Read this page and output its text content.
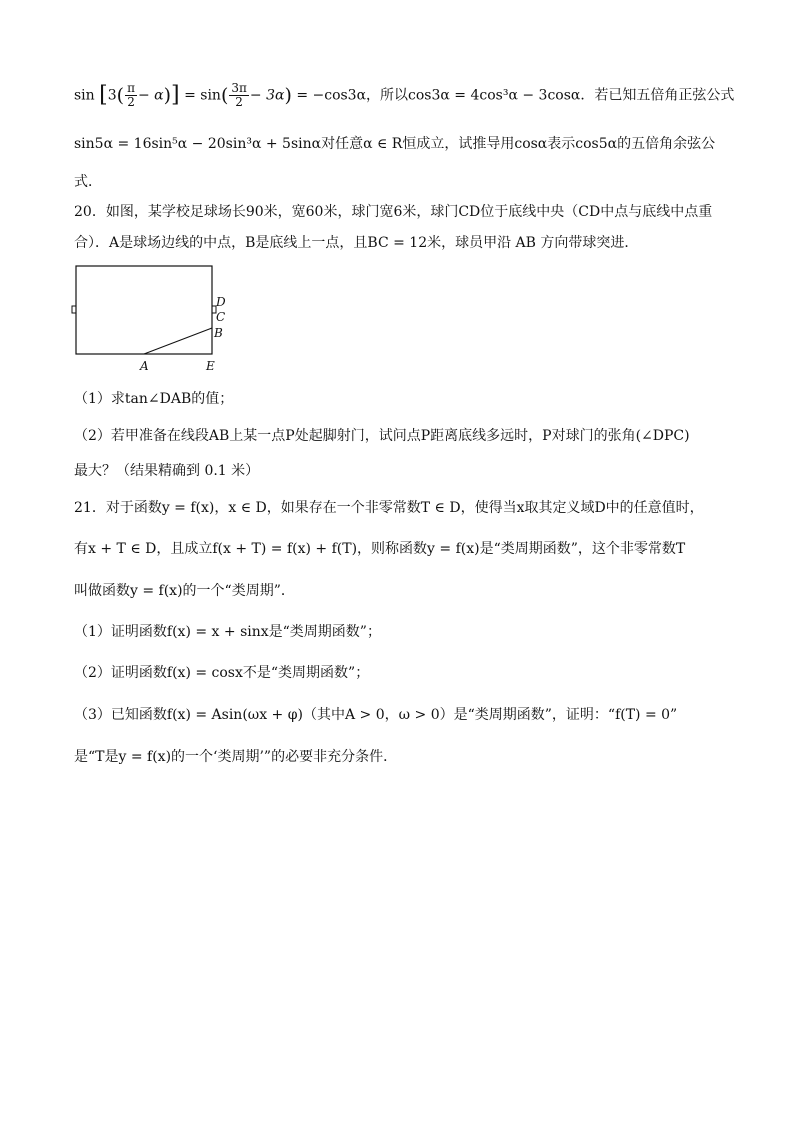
$\sin [3( \frac{\pi}{2} - \alpha)] = \sin( \frac{3\pi}{2} - 3\alpha) = -\cos 3\alpha$，所以cos3α = 4cos³α − 3cosα．若已知五倍角正弦公式
sin5α = 16sin⁵α − 20sin³α + 5sinα对任意α ∈ R恒成立，试推导用cosα表示cos5α的五倍角余弦公
式．
20．如图，某学校足球场长90米，宽60米，球门宽6米，球门CD位于底线中央（CD中点与底线中点重
合）．A是球场边线的中点，B是底线上一点，且BC = 12米，球员甲沿 AB 方向带球突进．
D
C
B
A	E
（1）求tan∠DAB的值；
（2）若甲准备在线段AB上某一点P处起脚射门，试问点P距离底线多远时，P对球门的张角(∠DPC)
最大？（结果精确到 0.1 米）
21．对于函数y = f(x)，x ∈ D，如果存在一个非零常数T ∈ D，使得当x取其定义域D中的任意值时，
有x + T ∈ D，且成立f(x + T) = f(x) + f(T)，则称函数y = f(x)是“类周期函数”，这个非零常数T
叫做函数y = f(x)的一个“类周期”．
（1）证明函数f(x) = x + sinx是“类周期函数”；
（2）证明函数f(x) = cosx不是“类周期函数”；
（3）已知函数f(x) = Asin(ωx + φ)（其中A > 0，ω > 0）是“类周期函数”，证明：“f(T) = 0”
是“T是y = f(x)的一个‘类周期’”的必要非充分条件．
